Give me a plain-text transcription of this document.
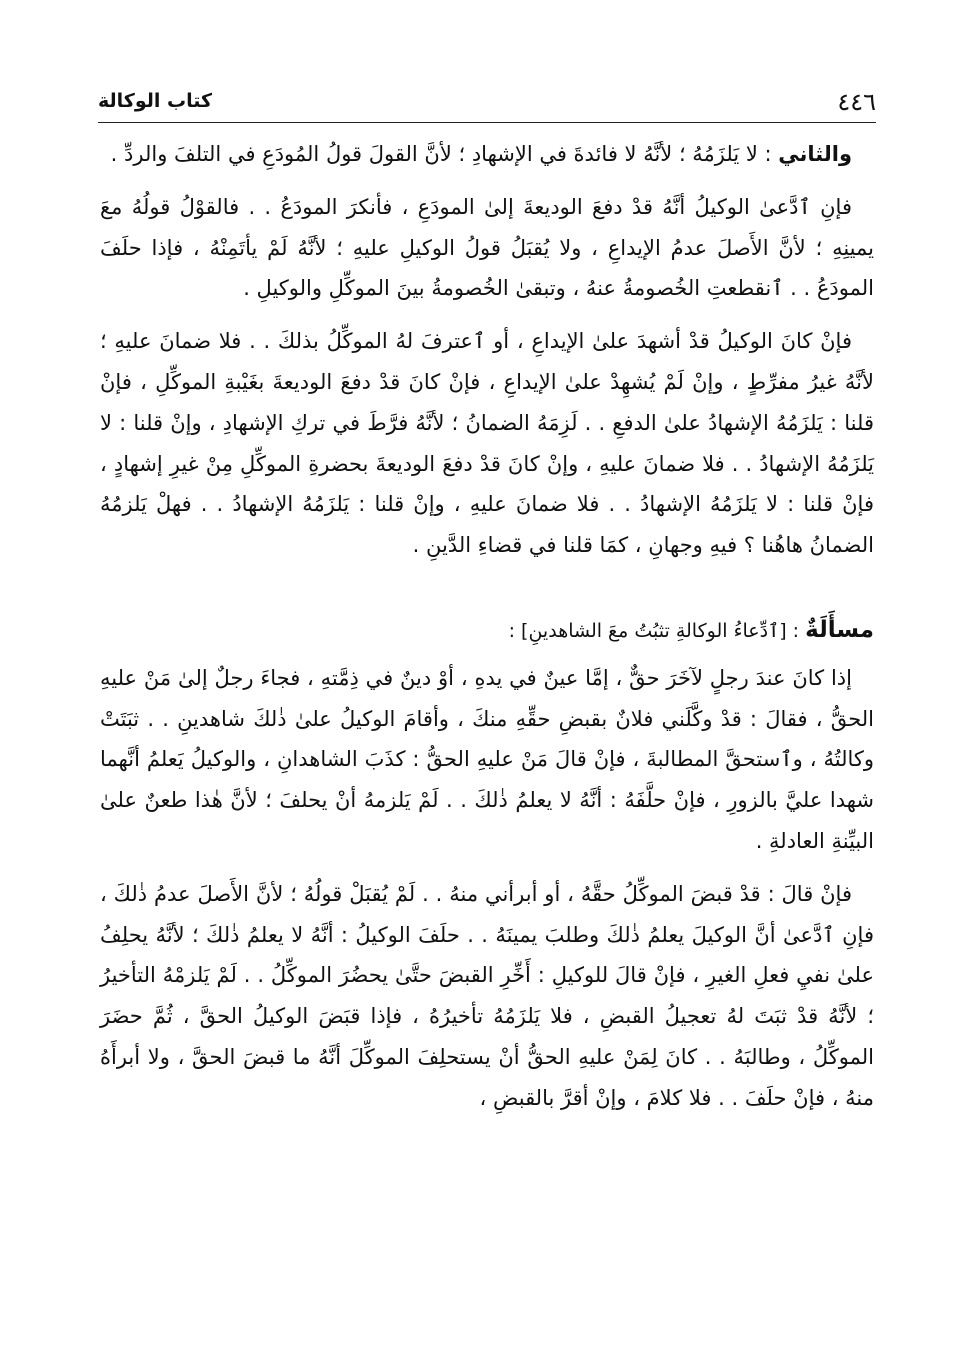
٤٤٦
كتاب الوكالة

والثاني : لا يَلزَمُهُ ؛ لأنَّهُ لا فائدةَ في الإشهادِ ؛ لأنَّ القولَ قولُ المُودَعِ في التلفَ والردِّ .

فإنِ ٱدَّعىٰ الوكيلُ أنَّهُ قدْ دفعَ الوديعةَ إلىٰ المودَعِ ، فأنكرَ المودَعُ . . فالقوْلُ قولُهُ معَ يمينِهِ ؛ لأنَّ الأَصلَ عدمُ الإيداعِ ، ولا يُقبَلُ قولُ الوكيلِ عليهِ ؛ لأنَّهُ لَمْ يأتَمِنْهُ ، فإذا حلَفَ المودَعُ . . ٱنقطعتِ الخُصومةُ عنهُ ، وتبقىٰ الخُصومةُ بينَ الموكِّلِ والوكيلِ .

فإنْ كانَ الوكيلُ قدْ أشهدَ علىٰ الإيداعِ ، أو ٱعترفَ لهُ الموكِّلُ بذلكَ . . فلا ضمانَ عليهِ ؛ لأنَّهُ غيرُ مفرِّطٍ ، وإنْ لَمْ يُشهِدْ علىٰ الإيداعِ ، فإنْ كانَ قدْ دفعَ الوديعةَ بغَيْبةِ الموكِّلِ ، فإنْ قلنا : يَلزَمُهُ الإشهادُ علىٰ الدفعِ . . لَزِمَهُ الضمانُ ؛ لأنَّهُ فرَّطَ في تركِ الإشهادِ ، وإنْ قلنا : لا يَلزَمُهُ الإشهادُ . . فلا ضمانَ عليهِ ، وإنْ كانَ قدْ دفعَ الوديعةَ بحضرةِ الموكِّلِ مِنْ غيرِ إشهادٍ ، فإنْ قلنا : لا يَلزَمُهُ الإشهادُ . . فلا ضمانَ عليهِ ، وإنْ قلنا : يَلزَمُهُ الإشهادُ . . فهلْ يَلزمُهُ الضمانُ هاهُنا ؟ فيهِ وجهانِ ، كمَا قلنا في قضاءِ الدَّينِ .

مسأَلَةٌ : [ٱدِّعاءُ الوكالةِ تثبُتُ معَ الشاهدينِ] :

إذا كانَ عندَ رجلٍ لآخَرَ حقٌّ ، إمَّا عينٌ في يدهِ ، أوْ دينٌ في ذِمَّتهِ ، فجاءَ رجلٌ إلىٰ مَنْ عليهِ الحقُّ ، فقالَ : قدْ وكَّلَني فلانٌ بقبضِ حقِّهِ منكَ ، وأقامَ الوكيلُ علىٰ ذٰلكَ شاهدينِ . . ثبَتَتْ وكالتُهُ ، وٱستحقَّ المطالبةَ ، فإنْ قالَ مَنْ عليهِ الحقُّ : كذَبَ الشاهدانِ ، والوكيلُ يَعلمُ أنَّهما شهدا عليَّ بالزورِ ، فإنْ حلَّفَهُ : أنَّهُ لا يعلمُ ذٰلكَ . . لَمْ يَلزمهُ أنْ يحلفَ ؛ لأنَّ هٰذا طعنٌ علىٰ البيِّنةِ العادلةِ .

فإنْ قالَ : قدْ قبضَ الموكِّلُ حقَّهُ ، أو أبرأني منهُ . . لَمْ يُقبَلْ قولُهُ ؛ لأنَّ الأَصلَ عدمُ ذٰلكَ ، فإنِ ٱدَّعىٰ أنَّ الوكيلَ يعلمُ ذٰلكَ وطلبَ يمينَهُ . . حلَفَ الوكيلُ : أنَّهُ لا يعلمُ ذٰلكَ ؛ لأنَّهُ يحلِفُ علىٰ نفيِ فعلِ الغيرِ ، فإنْ قالَ للوكيلِ : أَخِّرِ القبضَ حتَّىٰ يحضُرَ الموكِّلُ . . لَمْ يَلزمْهُ التأخيرُ ؛ لأنَّهُ قدْ ثبَتَ لهُ تعجيلُ القبضِ ، فلا يَلزَمُهُ تأخيرُهُ ، فإذا قبَضَ الوكيلُ الحقَّ ، ثُمَّ حضَرَ الموكِّلُ ، وطالبَهُ . . كانَ لِمَنْ عليهِ الحقُّ أنْ يستحلِفَ الموكِّلَ أنَّهُ ما قبضَ الحقَّ ، ولا أبرأَهُ منهُ ، فإنْ حلَفَ . . فلا كلامَ ، وإنْ أقرَّ بالقبضِ ،
